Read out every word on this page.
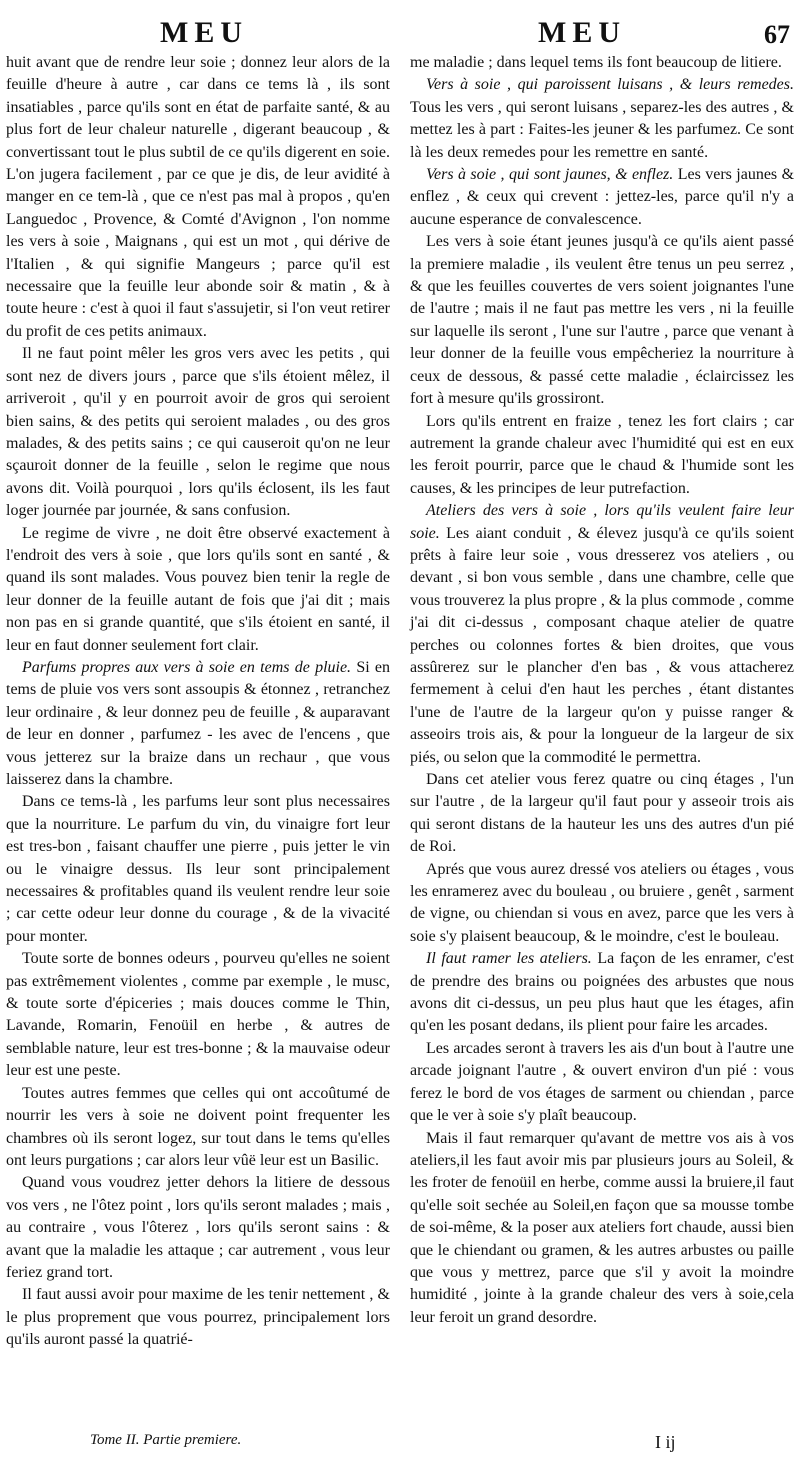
MEU	MEU	67

huit avant que de rendre leur soie ; donnez leur alors de la feuille d'heure à autre , car dans ce tems là , ils sont insatiables , parce qu'ils sont en état de parfaite santé, & au plus fort de leur chaleur naturelle , digerant beaucoup , & convertissant tout le plus subtil de ce qu'ils digerent en soie. L'on jugera facilement , par ce que je dis, de leur avidité à manger en ce tem-là , que ce n'est pas mal à propos , qu'en Languedoc , Provence, & Comté d'Avignon , l'on nomme les vers à soie , Maignans , qui est un mot , qui dérive de l'Italien , & qui signifie Mangeurs ; parce qu'il est necessaire que la feuille leur abonde soir & matin , & à toute heure : c'est à quoi il faut s'assujetir, si l'on veut retirer du profit de ces petits animaux.

Il ne faut point mêler les gros vers avec les petits , qui sont nez de divers jours , parce que s'ils étoient mêlez, il arriveroit , qu'il y en pourroit avoir de gros qui seroient bien sains, & des petits qui seroient malades , ou des gros malades, & des petits sains ; ce qui causeroit qu'on ne leur sçauroit donner de la feuille , selon le regime que nous avons dit. Voilà pourquoi , lors qu'ils éclosent, ils les faut loger journée par journée, & sans confusion.

Le regime de vivre , ne doit être observé exactement à l'endroit des vers à soie , que lors qu'ils sont en santé , & quand ils sont malades. Vous pouvez bien tenir la regle de leur donner de la feuille autant de fois que j'ai dit ; mais non pas en si grande quantité, que s'ils étoient en santé, il leur en faut donner seulement fort clair.

Parfums propres aux vers à soie en tems de pluie. Si en tems de pluie vos vers sont assoupis & étonnez , retranchez leur ordinaire , & leur donnez peu de feuille , & auparavant de leur en donner , parfumez - les avec de l'encens , que vous jetterez sur la braize dans un rechaur , que vous laisserez dans la chambre.

Dans ce tems-là , les parfums leur sont plus necessaires que la nourriture. Le parfum du vin, du vinaigre fort leur est tres-bon , faisant chauffer une pierre , puis jetter le vin ou le vinaigre dessus. Ils leur sont principalement necessaires & profitables quand ils veulent rendre leur soie ; car cette odeur leur donne du courage , & de la vivacité pour monter.

Toute sorte de bonnes odeurs , pourveu qu'elles ne soient pas extrêmement violentes , comme par exemple , le musc, & toute sorte d'épiceries ; mais douces comme le Thin, Lavande, Romarin, Fenoüil en herbe , & autres de semblable nature, leur est tres-bonne ; & la mauvaise odeur leur est une peste.

Toutes autres femmes que celles qui ont accoûtumé de nourrir les vers à soie ne doivent point frequenter les chambres où ils seront logez, sur tout dans le tems qu'elles ont leurs purgations ; car alors leur vûë leur est un Basilic.

Quand vous voudrez jetter dehors la litiere de dessous vos vers , ne l'ôtez point , lors qu'ils seront malades ; mais , au contraire , vous l'ôterez , lors qu'ils seront sains : & avant que la maladie les attaque ; car autrement , vous leur feriez grand tort.

Il faut aussi avoir pour maxime de les tenir nettement , & le plus proprement que vous pourrez, principalement lors qu'ils auront passé la quatrié-

me maladie ; dans lequel tems ils font beaucoup de litiere.

Vers à soie , qui paroissent luisans , & leurs remedes. Tous les vers , qui seront luisans , separez-les des autres , & mettez les à part : Faites-les jeuner & les parfumez. Ce sont là les deux remedes pour les remettre en santé.

Vers à soie , qui sont jaunes, & enflez. Les vers jaunes & enflez , & ceux qui crevent : jettez-les, parce qu'il n'y a aucune esperance de convalescence.

Les vers à soie étant jeunes jusqu'à ce qu'ils aient passé la premiere maladie , ils veulent être tenus un peu serrez , & que les feuilles couvertes de vers soient joignantes l'une de l'autre ; mais il ne faut pas mettre les vers , ni la feuille sur laquelle ils seront , l'une sur l'autre , parce que venant à leur donner de la feuille vous empêcheriez la nourriture à ceux de dessous, & passé cette maladie , éclaircissez les fort à mesure qu'ils grossiront.

Lors qu'ils entrent en fraize , tenez les fort clairs ; car autrement la grande chaleur avec l'humidité qui est en eux les feroit pourrir, parce que le chaud & l'humide sont les causes, & les principes de leur putrefaction.

Ateliers des vers à soie , lors qu'ils veulent faire leur soie. Les aiant conduit , & élevez jusqu'à ce qu'ils soient prêts à faire leur soie , vous dresserez vos ateliers , ou devant , si bon vous semble , dans une chambre, celle que vous trouverez la plus propre , & la plus commode , comme j'ai dit ci-dessus , composant chaque atelier de quatre perches ou colonnes fortes & bien droites, que vous assûrerez sur le plancher d'en bas , & vous attacherez fermement à celui d'en haut les perches , étant distantes l'une de l'autre de la largeur qu'on y puisse ranger & asseoirs trois ais, & pour la longueur de la largeur de six piés, ou selon que la commodité le permettra.

Dans cet atelier vous ferez quatre ou cinq étages , l'un sur l'autre , de la largeur qu'il faut pour y asseoir trois ais qui seront distans de la hauteur les uns des autres d'un pié de Roi.

Aprés que vous aurez dressé vos ateliers ou étages , vous les enramerez avec du bouleau , ou bruiere , genêt , sarment de vigne, ou chiendan si vous en avez, parce que les vers à soie s'y plaisent beaucoup, & le moindre, c'est le bouleau.

Il faut ramer les ateliers. La façon de les enramer, c'est de prendre des brains ou poignées des arbustes que nous avons dit ci-dessus, un peu plus haut que les étages, afin qu'en les posant dedans, ils plient pour faire les arcades.

Les arcades seront à travers les ais d'un bout à l'autre une arcade joignant l'autre , & ouvert environ d'un pié : vous ferez le bord de vos étages de sarment ou chiendan , parce que le ver à soie s'y plaît beaucoup.

Mais il faut remarquer qu'avant de mettre vos ais à vos ateliers,il les faut avoir mis par plusieurs jours au Soleil, & les froter de fenoüil en herbe, comme aussi la bruiere,il faut qu'elle soit sechée au Soleil,en façon que sa mousse tombe de soi-même, & la poser aux ateliers fort chaude, aussi bien que le chiendant ou gramen, & les autres arbustes ou paille que vous y mettrez, parce que s'il y avoit la moindre humidité , jointe à la grande chaleur des vers à soie,cela leur feroit un grand desordre.

Tome II. Partie premiere.	I ij
